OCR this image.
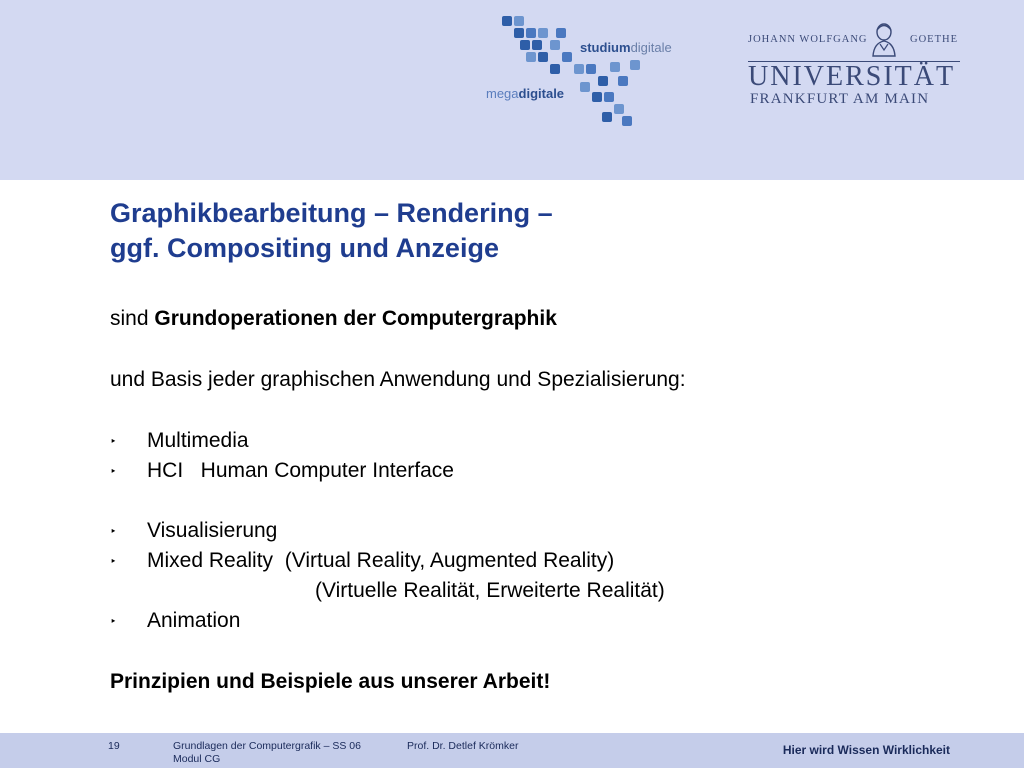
studiumdigitale
megadigitale
JOHANN WOLFGANG	GOETHE
UNIVERSITÄT
FRANKFURT AM MAIN
Graphikbearbeitung – Rendering –
ggf. Compositing und Anzeige
sind Grundoperationen der Computergraphik
und Basis jeder graphischen Anwendung und Spezialisierung:
‣ Multimedia
‣ HCI   Human Computer Interface
‣ Visualisierung
‣ Mixed Reality  (Virtual Reality, Augmented Reality)
(Virtuelle Realität, Erweiterte Realität)
‣ Animation
Prinzipien und Beispiele aus unserer Arbeit!
19	Grundlagen der Computergrafik – SS 06
Modul CG
Prof. Dr. Detlef Krömker	Hier wird Wissen Wirklichkeit
